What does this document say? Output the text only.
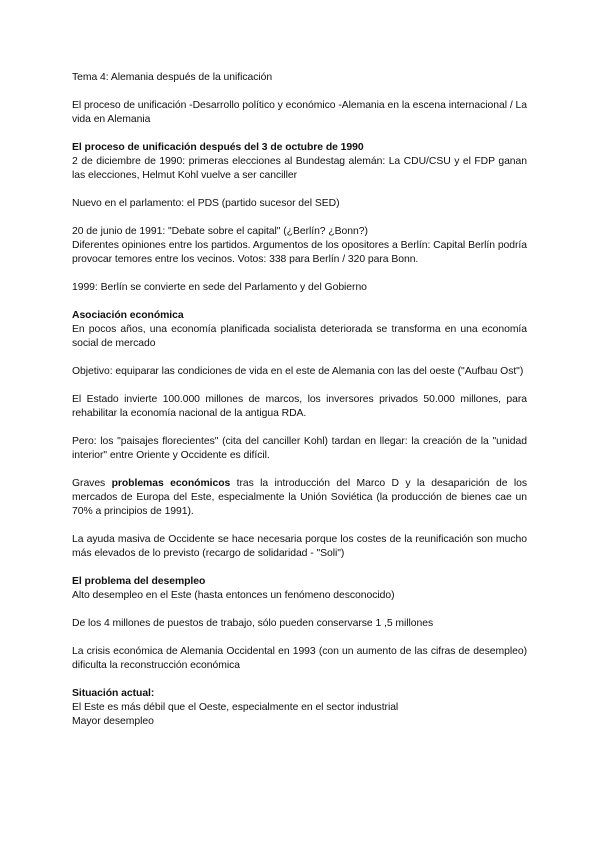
Tema 4: Alemania después de la unificación

El proceso de unificación -Desarrollo político y económico -Alemania en la escena internacional / La vida en Alemania

El proceso de unificación después del 3 de octubre de 1990

2 de diciembre de 1990: primeras elecciones al Bundestag alemán: La CDU/CSU y el FDP ganan las elecciones, Helmut Kohl vuelve a ser canciller

Nuevo en el parlamento: el PDS (partido sucesor del SED)

20 de junio de 1991: "Debate sobre el capital" (¿Berlín? ¿Bonn?)

Diferentes opiniones entre los partidos. Argumentos de los opositores a Berlín: Capital Berlín podría provocar temores entre los vecinos. Votos: 338 para Berlín / 320 para Bonn.

1999: Berlín se convierte en sede del Parlamento y del Gobierno

Asociación económica

En pocos años, una economía planificada socialista deteriorada se transforma en una economía social de mercado

Objetivo: equiparar las condiciones de vida en el este de Alemania con las del oeste ("Aufbau Ost")

El Estado invierte 100.000 millones de marcos, los inversores privados 50.000 millones, para rehabilitar la economía nacional de la antigua RDA.

Pero: los "paisajes florecientes" (cita del canciller Kohl) tardan en llegar: la creación de la "unidad interior" entre Oriente y Occidente es difícil.

Graves problemas económicos tras la introducción del Marco D y la desaparición de los mercados de Europa del Este, especialmente la Unión Soviética (la producción de bienes cae un 70% a principios de 1991).

La ayuda masiva de Occidente se hace necesaria porque los costes de la reunificación son mucho más elevados de lo previsto (recargo de solidaridad - "Soli")

El problema del desempleo

Alto desempleo en el Este (hasta entonces un fenómeno desconocido)

De los 4 millones de puestos de trabajo, sólo pueden conservarse 1 ,5 millones

La crisis económica de Alemania Occidental en 1993 (con un aumento de las cifras de desempleo) dificulta la reconstrucción económica

Situación actual:

El Este es más débil que el Oeste, especialmente en el sector industrial

Mayor desempleo
